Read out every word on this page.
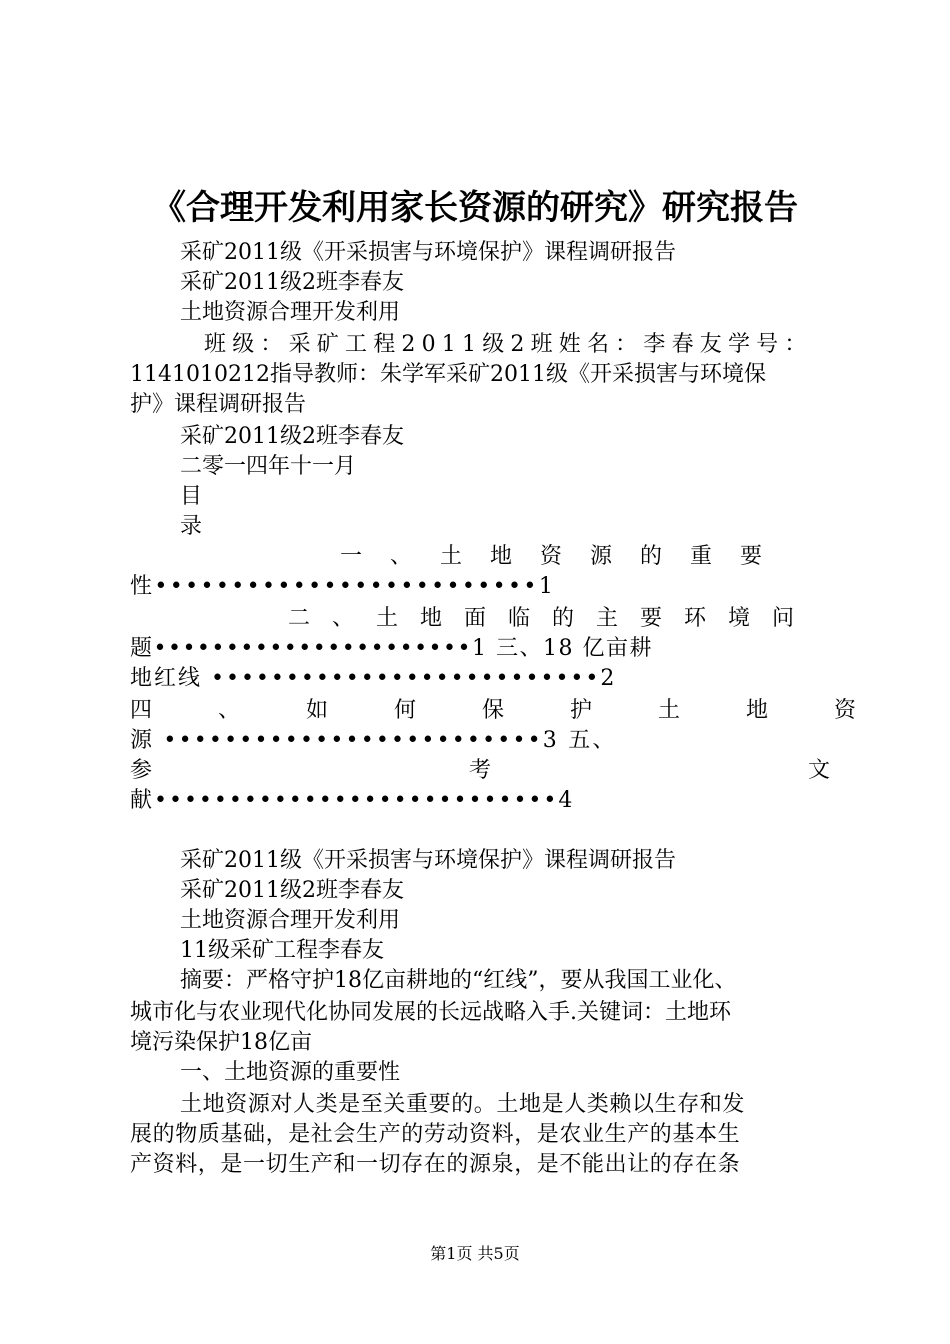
《合理开发利用家长资源的研究》研究报告
采矿2011级《开采损害与环境保护》课程调研报告
采矿2011级2班李春友
土地资源合理开发利用
班级：采矿工程2011级2班姓名：李春友学号：
1141010212指导教师：朱学军采矿2011级《开采损害与环境保
护》课程调研报告
采矿2011级2班李春友
二零一四年十一月
目
录
一、土地资源的重要
性•••••••••••••••••••••••••1
二、土地面临的主要环境问
题••••••••••••••••••••••1 三、18 亿亩耕
地红线 ••••••••••••••••••••••••••2
四、如何保护土地资
源 •••••••••••••••••••••••••3 五、
参	考	文
献•••••••••••••••••••••••••••4
采矿2011级《开采损害与环境保护》课程调研报告
采矿2011级2班李春友
土地资源合理开发利用
11级采矿工程李春友
摘要：严格守护18亿亩耕地的“红线”，要从我国工业化、
城市化与农业现代化协同发展的长远战略入手.关键词：土地环
境污染保护18亿亩
一、土地资源的重要性
土地资源对人类是至关重要的。土地是人类赖以生存和发
展的物质基础，是社会生产的劳动资料，是农业生产的基本生
产资料，是一切生产和一切存在的源泉，是不能出让的存在条
第1页 共5页
